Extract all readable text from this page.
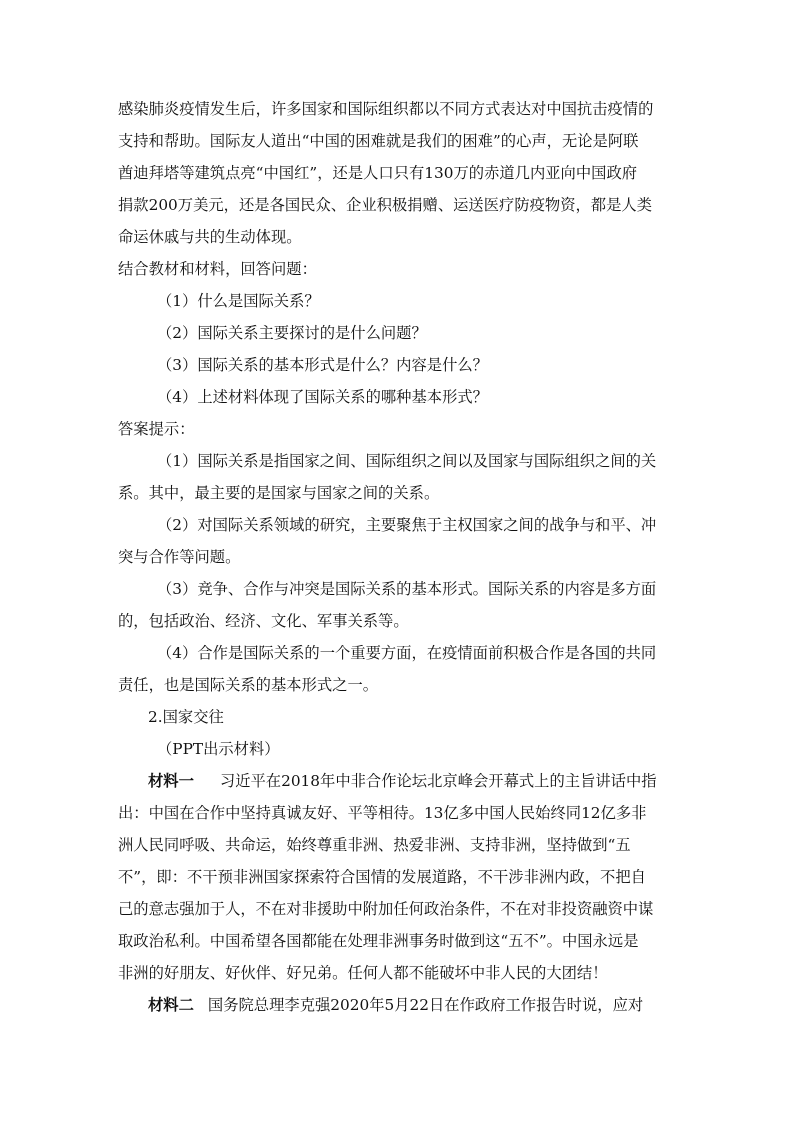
感染肺炎疫情发生后，许多国家和国际组织都以不同方式表达对中国抗击疫情的
支持和帮助。国际友人道出“中国的困难就是我们的困难”的心声，无论是阿联
酋迪拜塔等建筑点亮“中国红”，还是人口只有130万的赤道几内亚向中国政府
捐款200万美元，还是各国民众、企业积极捐赠、运送医疗防疫物资，都是人类
命运休戚与共的生动体现。
结合教材和材料，回答问题：
（1）什么是国际关系？
（2）国际关系主要探讨的是什么问题？
（3）国际关系的基本形式是什么？内容是什么？
（4）上述材料体现了国际关系的哪种基本形式？
答案提示：
（1）国际关系是指国家之间、国际组织之间以及国家与国际组织之间的关
系。其中，最主要的是国家与国家之间的关系。
（2）对国际关系领域的研究，主要聚焦于主权国家之间的战争与和平、冲
突与合作等问题。
（3）竞争、合作与冲突是国际关系的基本形式。国际关系的内容是多方面
的，包括政治、经济、文化、军事关系等。
（4）合作是国际关系的一个重要方面，在疫情面前积极合作是各国的共同
责任，也是国际关系的基本形式之一。
2.国家交往
（PPT出示材料）
材料一 习近平在2018年中非合作论坛北京峰会开幕式上的主旨讲话中指
出：中国在合作中坚持真诚友好、平等相待。13亿多中国人民始终同12亿多非
洲人民同呼吸、共命运，始终尊重非洲、热爱非洲、支持非洲，坚持做到“五
不”，即：不干预非洲国家探索符合国情的发展道路，不干涉非洲内政，不把自
己的意志强加于人，不在对非援助中附加任何政治条件，不在对非投资融资中谋
取政治私利。中国希望各国都能在处理非洲事务时做到这“五不”。中国永远是
非洲的好朋友、好伙伴、好兄弟。任何人都不能破坏中非人民的大团结！
材料二 国务院总理李克强2020年5月22日在作政府工作报告时说，应对
